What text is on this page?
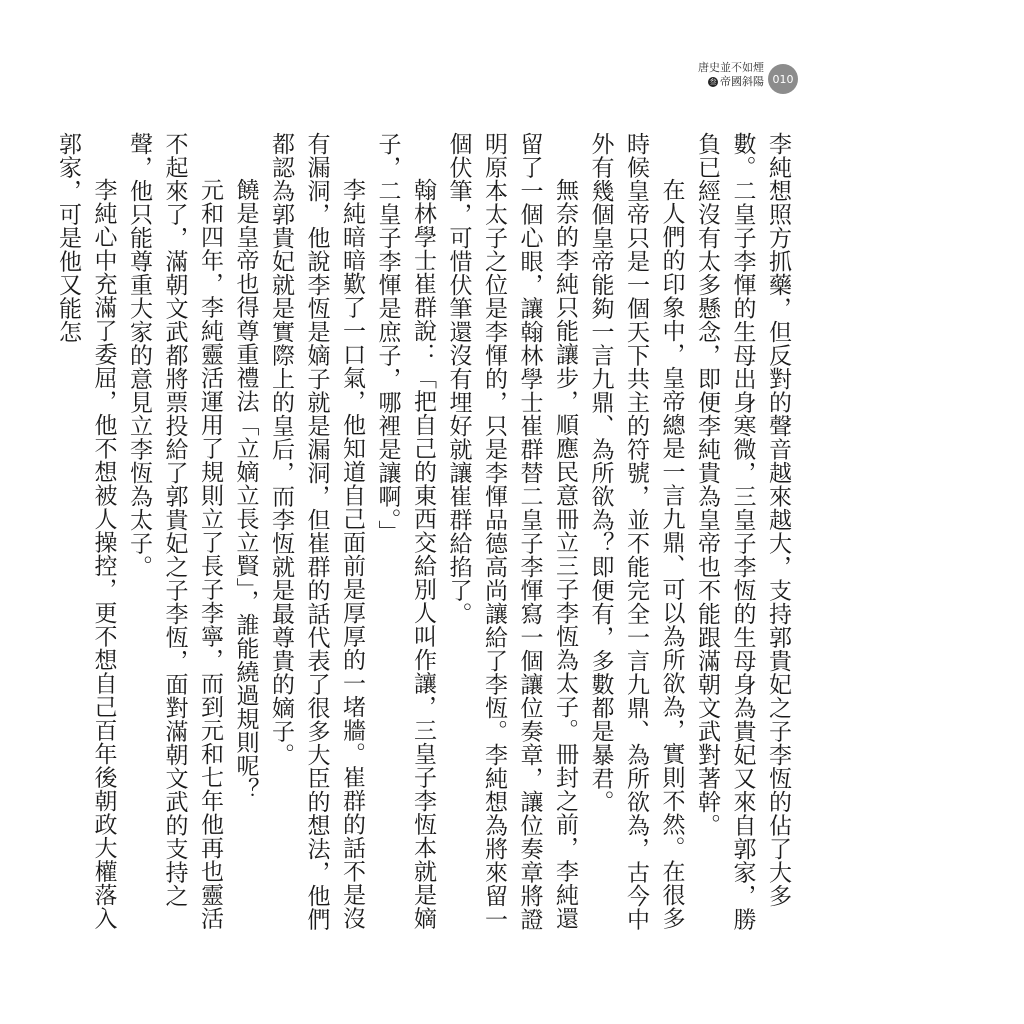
唐史並不如煙
叁 帝國斜陽 010

李純想照方抓藥，但反對的聲音越來越大，支持郭貴妃之子李恆的佔了大多數。二皇子李惲的生母出身寒微，三皇子李恆的生母身為貴妃又來自郭家，勝負已經沒有太多懸念，即便李純貴為皇帝也不能跟滿朝文武對著幹。

在人們的印象中，皇帝總是一言九鼎、可以為所欲為，實則不然。在很多時候皇帝只是一個天下共主的符號，並不能完全一言九鼎、為所欲為，古今中外有幾個皇帝能夠一言九鼎、為所欲為？即便有，多數都是暴君。

無奈的李純只能讓步，順應民意冊立三子李恆為太子。冊封之前，李純還留了一個心眼，讓翰林學士崔群替二皇子李惲寫一個讓位奏章，讓位奏章將證明原本太子之位是李惲的，只是李惲品德高尚讓給了李恆。李純想為將來留一個伏筆，可惜伏筆還沒有埋好就讓崔群給掐了。

翰林學士崔群說：「把自己的東西交給別人叫作讓，三皇子李恆本就是嫡子，二皇子李惲是庶子，哪裡是讓啊。」

李純暗暗歎了一口氣，他知道自己面前是厚厚的一堵牆。崔群的話不是沒有漏洞，他說李恆是嫡子就是漏洞，但崔群的話代表了很多大臣的想法，他們都認為郭貴妃就是實際上的皇后，而李恆就是最尊貴的嫡子。

饒是皇帝也得尊重禮法「立嫡立長立賢」，誰能繞過規則呢？

元和四年，李純靈活運用了規則立了長子李寧，而到元和七年他再也靈活不起來了，滿朝文武都將票投給了郭貴妃之子李恆，面對滿朝文武的支持之聲，他只能尊重大家的意見立李恆為太子。

李純心中充滿了委屈，他不想被人操控，更不想自己百年後朝政大權落入郭家，可是他又能怎
